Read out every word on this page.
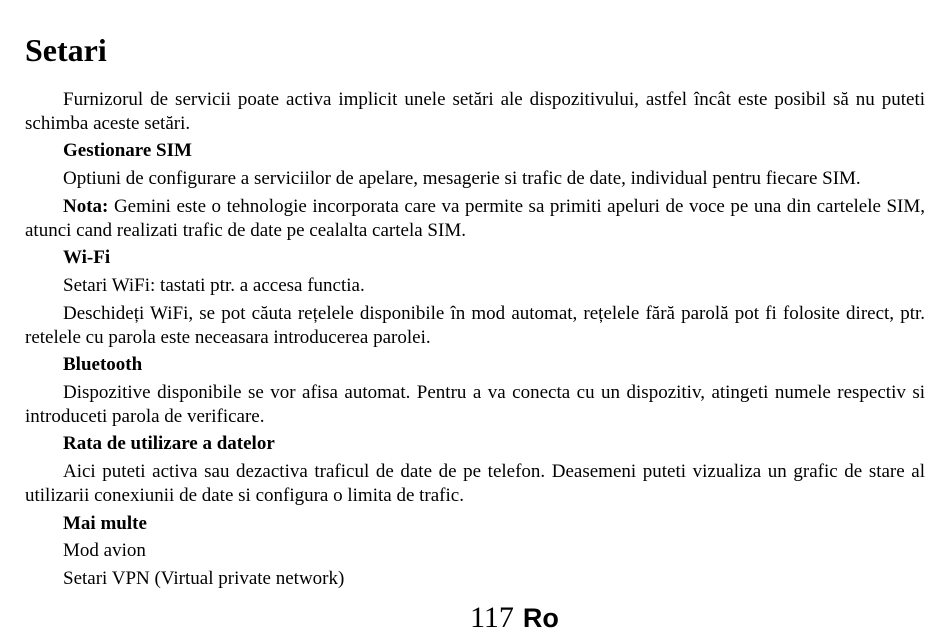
Setari
Furnizorul de servicii poate activa implicit unele setări ale dispozitivului, astfel încât este posibil să nu puteti schimba aceste setări.
Gestionare SIM
Optiuni de configurare a serviciilor de apelare, mesagerie si trafic de date, individual pentru fiecare SIM.
Nota: Gemini este o tehnologie incorporata care va permite sa primiti apeluri de voce pe una din cartelele SIM, atunci cand realizati trafic de date pe cealalta cartela SIM.
Wi-Fi
Setari WiFi: tastati ptr. a accesa functia.
Deschideți WiFi, se pot căuta rețelele disponibile în mod automat, rețelele fără parolă pot fi folosite direct, ptr. retelele cu parola este neceasara introducerea parolei.
Bluetooth
Dispozitive disponibile se vor afisa automat. Pentru a va conecta cu un dispozitiv, atingeti numele respectiv si introduceti parola de verificare.
Rata de utilizare a datelor
Aici puteti activa sau dezactiva traficul de date de pe telefon. Deasemeni puteti vizualiza un grafic de stare al utilizarii conexiunii de date si configura o limita de trafic.
Mai multe
Mod avion
Setari VPN (Virtual private network)
117 Ro
